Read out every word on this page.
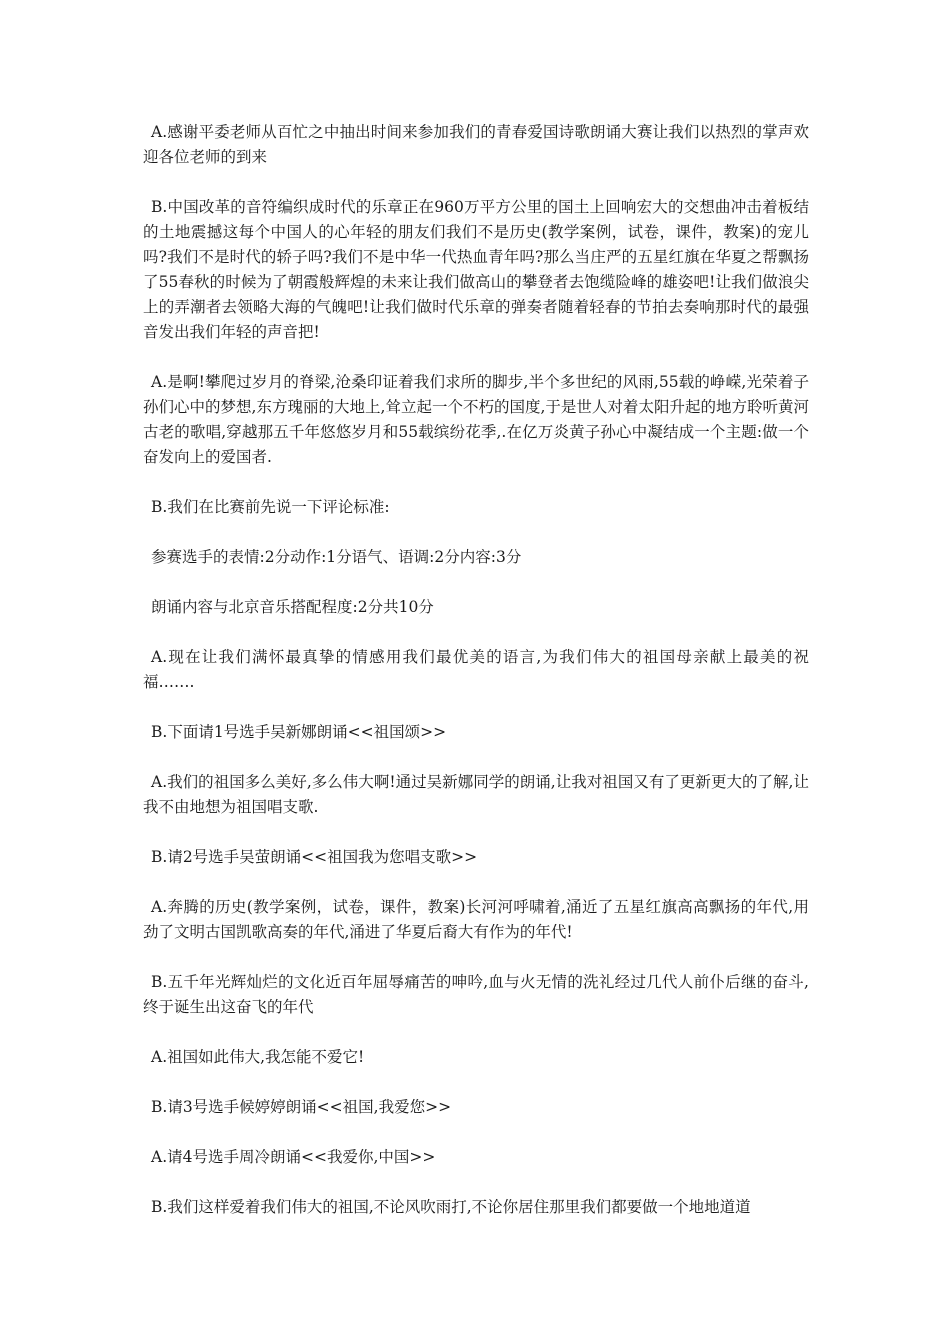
A.感谢平委老师从百忙之中抽出时间来参加我们的青春爱国诗歌朗诵大赛让我们以热烈的掌声欢迎各位老师的到来

B.中国改革的音符编织成时代的乐章正在960万平方公里的国土上回响宏大的交想曲冲击着板结的土地震撼这每个中国人的心年轻的朋友们我们不是历史(教学案例，试卷，课件，教案)的宠儿吗?我们不是时代的轿子吗?我们不是中华一代热血青年吗?那么当庄严的五星红旗在华夏之帮飘扬了55春秋的时候为了朝霞般辉煌的未来让我们做高山的攀登者去饱缆险峰的雄姿吧!让我们做浪尖上的弄潮者去领略大海的气魄吧!让我们做时代乐章的弹奏者随着轻春的节拍去奏响那时代的最强音发出我们年轻的声音把!

A.是啊!攀爬过岁月的脊梁,沧桑印证着我们求所的脚步,半个多世纪的风雨,55载的峥嵘,光荣着子孙们心中的梦想,东方瑰丽的大地上,耸立起一个不朽的国度,于是世人对着太阳升起的地方聆听黄河古老的歌唱,穿越那五千年悠悠岁月和55载缤纷花季,.在亿万炎黄子孙心中凝结成一个主题:做一个奋发向上的爱国者.

B.我们在比赛前先说一下评论标准:

参赛选手的表情:2分动作:1分语气、语调:2分内容:3分

朗诵内容与北京音乐搭配程度:2分共10分

A.现在让我们满怀最真挚的情感用我们最优美的语言,为我们伟大的祖国母亲献上最美的祝福…….

B.下面请1号选手吴新娜朗诵<<祖国颂>>

A.我们的祖国多么美好,多么伟大啊!通过吴新娜同学的朗诵,让我对祖国又有了更新更大的了解,让我不由地想为祖国唱支歌.

B.请2号选手吴萤朗诵<<祖国我为您唱支歌>>

A.奔腾的历史(教学案例，试卷，课件，教案)长河河呼啸着,涌近了五星红旗高高飘扬的年代,用劲了文明古国凯歌高奏的年代,涌进了华夏后裔大有作为的年代!

B.五千年光辉灿烂的文化近百年屈辱痛苦的呻吟,血与火无情的洗礼经过几代人前仆后继的奋斗,终于诞生出这奋飞的年代

A.祖国如此伟大,我怎能不爱它!

B.请3号选手候婷婷朗诵<<祖国,我爱您>>

A.请4号选手周冷朗诵<<我爱你,中国>>

B.我们这样爱着我们伟大的祖国,不论风吹雨打,不论你居住那里我们都要做一个地地道道
